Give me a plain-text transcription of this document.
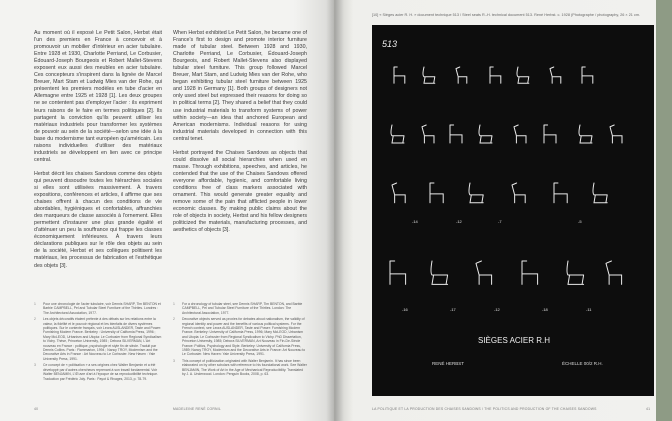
Au moment où il exposé Le Petit Salon, Herbst était l'un des premiers en France à concevoir et à promouvoir un mobilier d'intérieur en acier tubulaire. Entre 1928 et 1930, Charlotte Perriand, Le Corbusier, Édouard-Joseph Bourgeois et Robert Mallet-Stevens exposent eux aussi des meubles en acier tubulaire. Ces concepteurs s'inspirent dans la lignée de Marcel Breuer, Mart Stam et Ludwig Mies van der Rohe, qui présentent les premiers modèles en tube d'acier en Allemagne entre 1925 et 1928 [1]. Les deux groupes ne se contentent pas d'employer l'acier : ils expriment leurs raisons de le faire en termes politiques [2]. Ils partagent la conviction qu'ils peuvent utiliser les matériaux industriels pour transformer les systèmes de pouvoir au sein de la société—selon une idée à la base du modernisme tant européen qu'américain. Les raisons individuelles d'utiliser des matériaux industriels se développent en lien avec ce principe central.

Herbst décrit les chaises Sandows comme des objets qui peuvent dissoudre toutes les hiérarchies sociales si elles sont utilisées massivement. À travers expositions, conférences et articles, il affirme que ses chaises offrent à chacun des conditions de vie abordables, hygiéniques et confortables, affranchies des marqueurs de classe associés à l'ornement. Elles permettent d'instaurer une plus grande égalité et d'atténuer un peu la souffrance qui frappe les classes économiquement inférieures. À travers leurs déclarations publiques sur le rôle des objets au sein de la société, Herbst et ses collègues politisent les matériaux, les processus de fabrication et l'esthétique des objets [3].

When Herbst exhibited Le Petit Salon, he became one of France's first to design and promote interior furniture made of tubular steel. Between 1928 and 1930, Charlotte Perriand, Le Corbusier, Édouard-Joseph Bourgeois, and Robert Mallet-Stevens also displayed tubular steel furniture. This group followed Marcel Breuer, Mart Stam, and Ludwig Mies van der Rohe, who began exhibiting tubular steel furniture between 1925 and 1928 in Germany [1]. Both groups of designers not only used steel but expressed their reasons for doing so in political terms [2]. They shared a belief that they could use industrial materials to transform systems of power within society—an idea that anchored European and American modernisms. Individual reasons for using industrial materials developed in connection with this central tenet.

Herbst portrayed the Chaises Sandows as objects that could dissolve all social hierarchies when used en masse. Through exhibitions, speeches, and articles, he contended that the use of the Chaises Sandows offered everyone affordable, hygienic, and comfortable living conditions free of class markers associated with ornament. This would generate greater equality and remove some of the pain that afflicted people in lower economic classes. By making public claims about the role of objects in society, Herbst and his fellow designers politicized the materials, manufacturing processes, and aesthetics of objects [3].

1	Pour une chronologie de l'acier tubulaire, voir Dennis SHARP, Tim BENTON et Barbie CAMPBELL, Pel and Tubular Steel Furniture of the Thirties. Londres : The Architectural Association, 1977.
2	Les objets décoratifs étaient prétexte à des débats sur les relations entre la valeur, la fidélité et le pouvoir régional et les bienfaits de divers systèmes politiques. Sur le contexte français, voir Leora AUSLANDER, Taste and Power: Furnishing Modern France. Berkeley : University of California Press, 1996 ; Mary McLEOD, Urbanism and Utopia: Le Corbusier from Regional Syndicalism to Vichy. Thèse, Princeton University, 1985 ; Debora SILVERMAN, L'Art nouveau en France : politique, psychologie et style fin de siècle. Traduit par Dennis Collins. Paris : Flammarion, 1994 ; Nancy TROY, Modernism and the Decorative Arts in France : Art Nouveau to Le Corbusier. New Haven : Yale University Press, 1991.
3	Ce concept de « politisation » a ses origines chez Walter Benjamin et a été développé par d'autres chercheurs reprenant à son travail fondamental. Voir Walter BENJAMIN, L'Œuvre d'art à l'époque de sa reproductibilité technique. Traduction par Frédéric Joly. Paris : Payot & Rivages, 2013, p. 78-79.
1	For a chronology of tubular steel, see Dennis SHARP, Tim BENTON, and Barbie CAMPBELL, Pel and Tubular Steel Furniture of the Thirties. London: The Architectural Association, 1977.
2	Decorative objects served as proxies for debates about nationalism, the validity of regional identity and power and the benefits of various political systems. For the French context, see Leora AUSLANDER, Taste and Power: Furnishing Modern France. Berkeley: University of California Press, 1996; Mary McLEOD, Urbanism and Utopia: Le Corbusier from Regional Syndicalism to Vichy. PhD Dissertation, Princeton University, 1985; Debora SILVERMAN, Art Nouveau in Fin-De-Siècle France: Politics, Psychology and Style. Berkeley: University of California Press, 1989; Nancy TROY, Modernism and the Decorative Arts in France: Art Nouveau to Le Corbusier. New Haven: Yale University Press, 1991.
3	This concept of politicization originated with Walter Benjamin. It has since been elaborated on by other scholars with reference to his foundational work. See Walter BENJAMIN, The Work of Art in the Age of Mechanical Reproducibility. Translated by J. A. Underwood. London: Penguin Books, 2008, p. 63.
40	MADELEINE RENÉ CORNIL
[10] « Sièges acier R. H. » document technique 513 / Steel seats R.-H. technical document 513. René Herbst. c. 1928 (Photographe / photography, 26 × 21 cm.
513
SIÈGES ACIER R.H
RENÉ HERBST	ÉCHELLE 00/2 R.H.
-14	-12	-7	-5
-16	-17	-12	-18	-11
LA POLITIQUE ET LA PRODUCTION DES CHAISES SANDOWS / THE POLITICS AND PRODUCTION OF THE CHAISES SANDOWS	41
